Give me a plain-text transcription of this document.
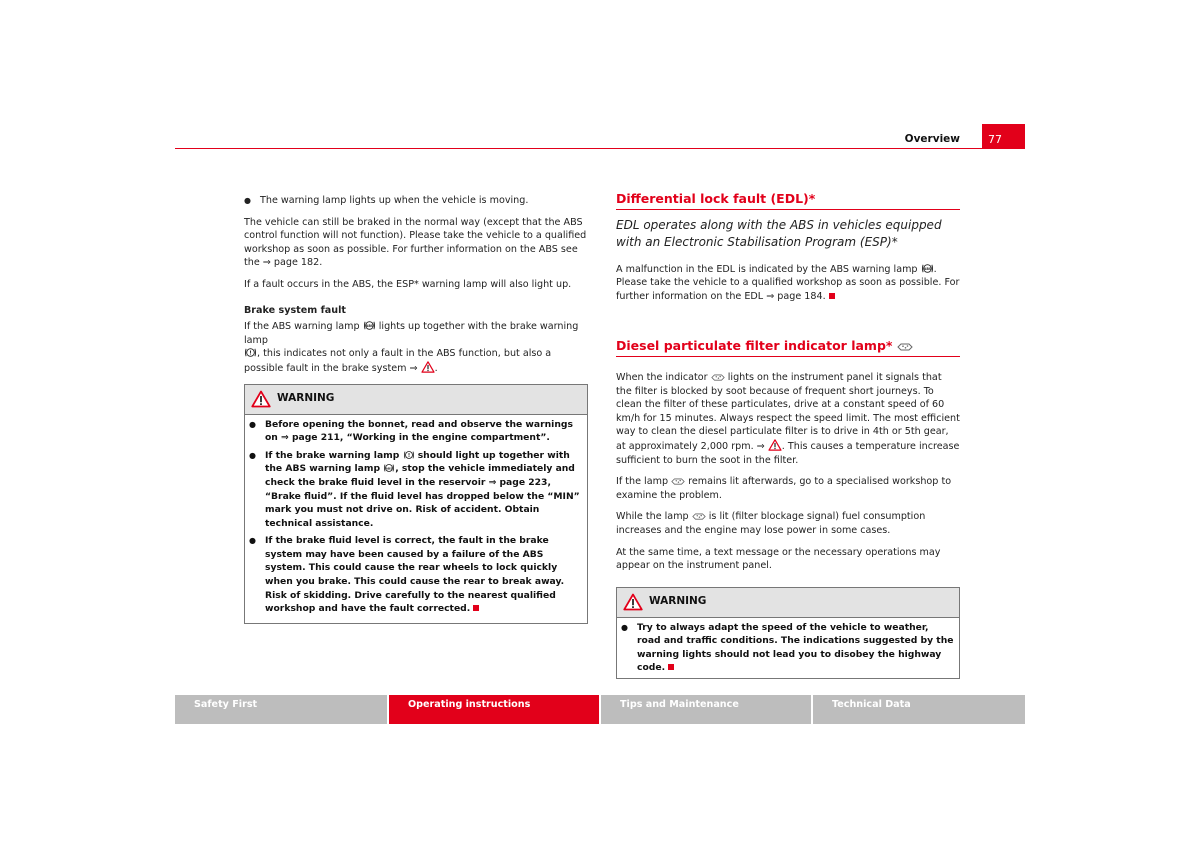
Overview	77

● The warning lamp lights up when the vehicle is moving.

The vehicle can still be braked in the normal way (except that the ABS control function will not function). Please take the vehicle to a qualified workshop as soon as possible. For further information on the ABS see the ⇒ page 182.

If a fault occurs in the ABS, the ESP* warning lamp will also light up.

Brake system fault

If the ABS warning lamp lights up together with the brake warning lamp
, this indicates not only a fault in the ABS function, but also a possible fault in the brake system ⇒ .

WARNING

● Before opening the bonnet, read and observe the warnings on ⇒ page 211, “Working in the engine compartment”.

● If the brake warning lamp should light up together with the ABS warning lamp , stop the vehicle immediately and check the brake fluid level in the reservoir ⇒ page 223, “Brake fluid”. If the fluid level has dropped below the “MIN” mark you must not drive on. Risk of accident. Obtain technical assistance.

● If the brake fluid level is correct, the fault in the brake system may have been caused by a failure of the ABS system. This could cause the rear wheels to lock quickly when you brake. This could cause the rear to break away. Risk of skidding. Drive carefully to the nearest qualified workshop and have the fault corrected.

Differential lock fault (EDL)*
EDL operates along with the ABS in vehicles equipped with an Electronic Stabilisation Program (ESP)*

A malfunction in the EDL is indicated by the ABS warning lamp . Please take the vehicle to a qualified workshop as soon as possible. For further information on the EDL ⇒ page 184.

Diesel particulate filter indicator lamp*

When the indicator lights on the instrument panel it signals that the filter is blocked by soot because of frequent short journeys. To clean the filter of these particulates, drive at a constant speed of 60 km/h for 15 minutes. Always respect the speed limit. The most efficient way to clean the diesel particulate filter is to drive in 4th or 5th gear, at approximately 2,000 rpm. ⇒ . This causes a temperature increase sufficient to burn the soot in the filter.

If the lamp remains lit afterwards, go to a specialised workshop to examine the problem.

While the lamp is lit (filter blockage signal) fuel consumption increases and the engine may lose power in some cases.

At the same time, a text message or the necessary operations may appear on the instrument panel.

WARNING

● Try to always adapt the speed of the vehicle to weather, road and traffic conditions. The indications suggested by the warning lights should not lead you to disobey the highway code.

Safety First	Operating instructions	Tips and Maintenance	Technical Data
